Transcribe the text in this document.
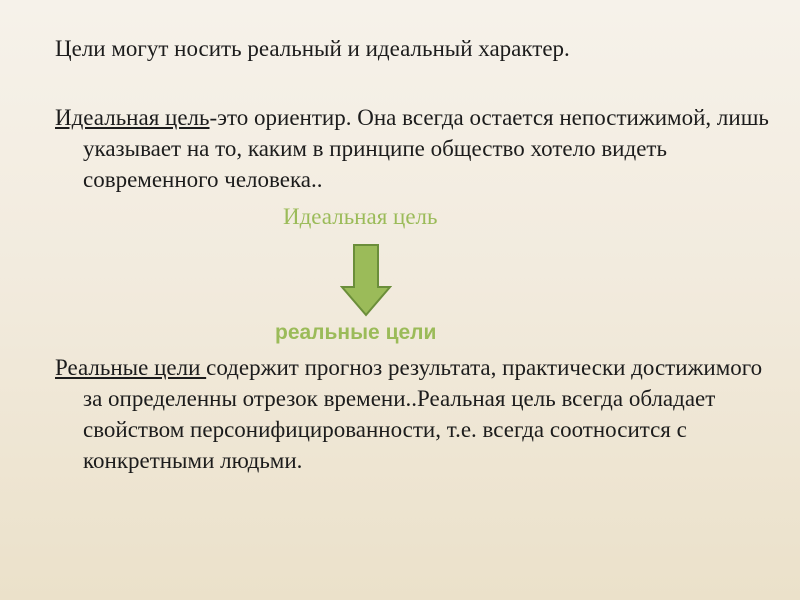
Цели могут носить реальный и идеальный характер.

Идеальная цель-это ориентир. Она всегда остается непостижимой, лишь указывает на то, каким в принципе общество хотело видеть современного человека..

Идеальная цель

реальные цели

Реальные цели содержит прогноз результата, практически достижимого за определенны отрезок времени..Реальная цель всегда обладает свойством персонифицированности, т.е. всегда соотносится с конкретными людьми.
